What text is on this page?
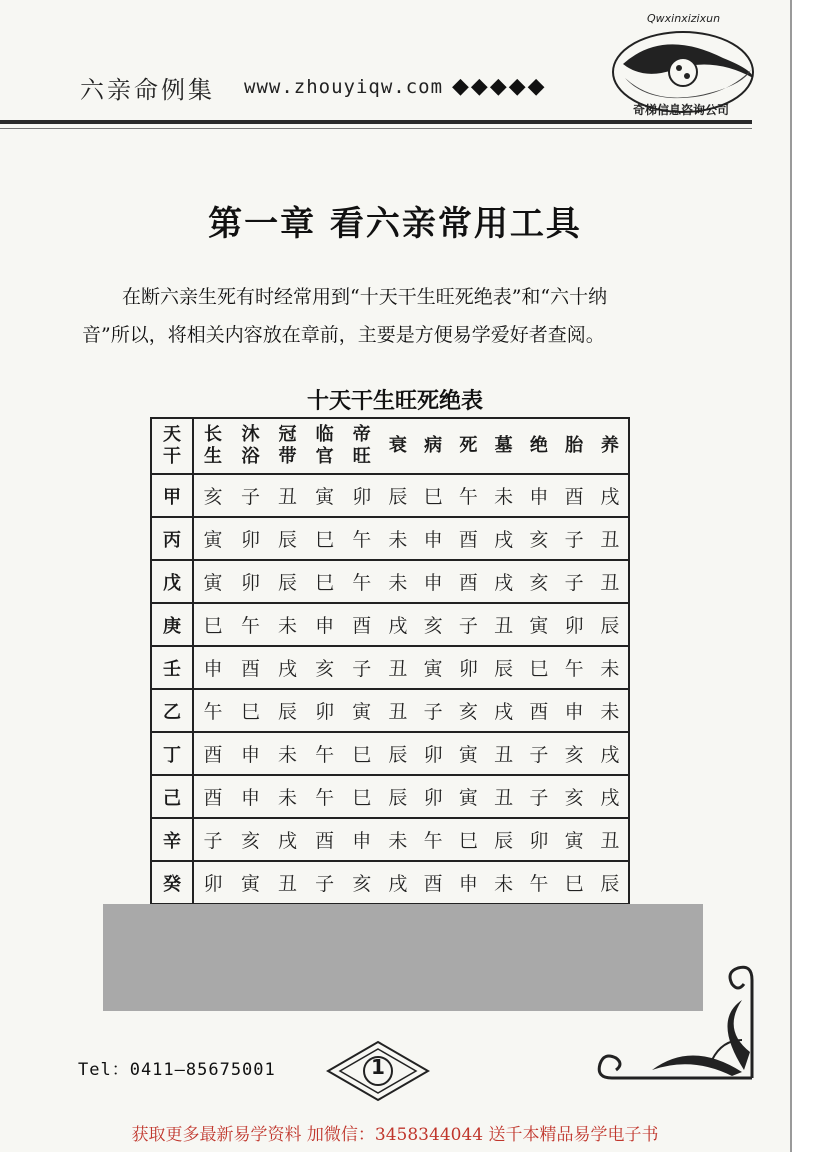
六亲命例集 www.zhouyiqw.com ◆◆◆◆◆
Qwxinxizixun
奇梯信息咨询公司
第一章 看六亲常用工具

在断六亲生死有时经常用到“十天干生旺死绝表”和“六十纳

音”所以，将相关内容放在章前，主要是方便易学爱好者查阅。
十天干生旺死绝表
天干	长生	沐浴	冠带	临官	帝旺	衰	病	死	墓	绝	胎	养
甲	亥	子	丑	寅	卯	辰	巳	午	未	申	酉	戌
丙	寅	卯	辰	巳	午	未	申	酉	戌	亥	子	丑
戊	寅	卯	辰	巳	午	未	申	酉	戌	亥	子	丑
庚	巳	午	未	申	酉	戌	亥	子	丑	寅	卯	辰
壬	申	酉	戌	亥	子	丑	寅	卯	辰	巳	午	未
乙	午	巳	辰	卯	寅	丑	子	亥	戌	酉	申	未
丁	酉	申	未	午	巳	辰	卯	寅	丑	子	亥	戌
己	酉	申	未	午	巳	辰	卯	寅	丑	子	亥	戌
辛	子	亥	戌	酉	申	未	午	巳	辰	卯	寅	丑
癸	卯	寅	丑	子	亥	戌	酉	申	未	午	巳	辰
Tel：0411—85675001	1
获取更多最新易学资料 加微信：3458344044 送千本精品易学电子书
